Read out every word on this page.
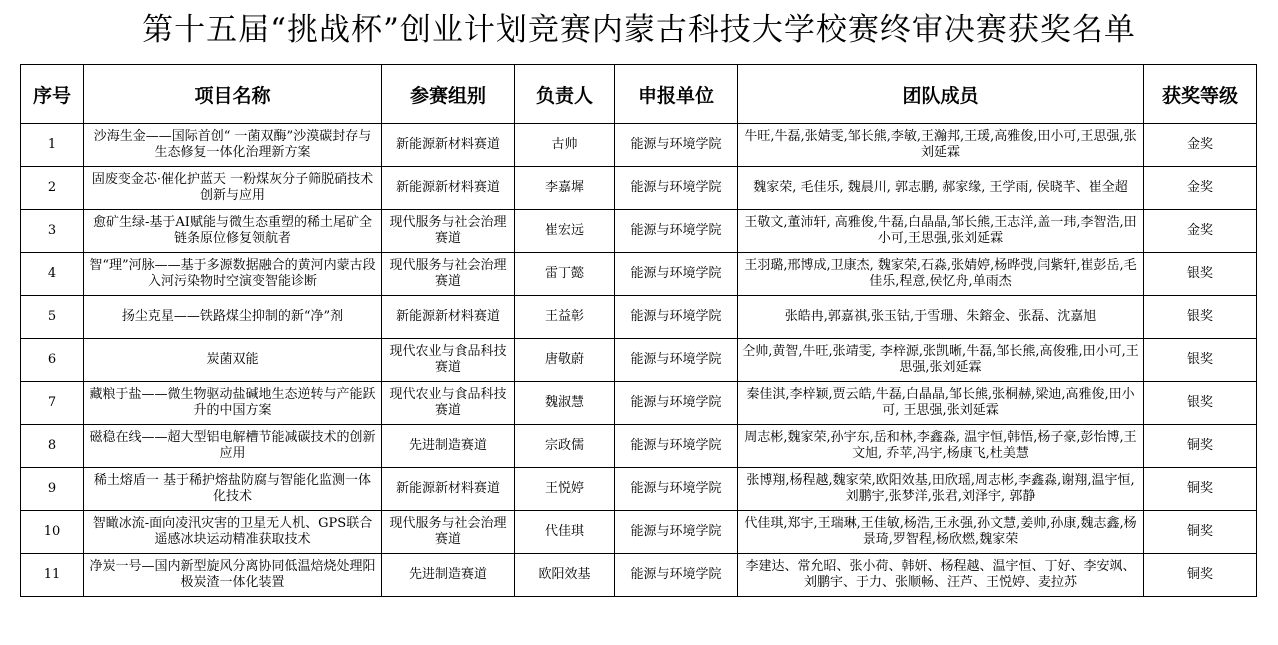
第十五届“挑战杯”创业计划竞赛内蒙古科技大学校赛终审决赛获奖名单
序号	项目名称	参赛组别	负责人	申报单位	团队成员	获奖等级
1	沙海生金——国际首创“ 一菌双酶”沙漠碳封存与生态修复一体化治理新方案	新能源新材料赛道	古帅	能源与环境学院	牛旺,牛磊,张婧雯,邹长熊,李敏,王瀚邦,王瑗,高雅俊,田小可,王思强,张刘延霖	金奖
2	固废变金芯·催化护蓝天 一粉煤灰分子筛脱硝技术创新与应用	新能源新材料赛道	李嘉墀	能源与环境学院	魏家荣, 毛佳乐, 魏晨川, 郭志鹏, 郝家缘, 王学雨, 侯晓芊、崔全超	金奖
3	愈矿生绿-基于AI赋能与微生态重塑的稀土尾矿全链条原位修复领航者	现代服务与社会治理赛道	崔宏远	能源与环境学院	王敬文,董沛轩, 高雅俊,牛磊,白晶晶,邹长熊,王志洋,盖一玮,李智浩,田小可,王思强,张刘延霖	金奖
4	智“理”河脉——基于多源数据融合的黄河内蒙古段入河污染物时空演变智能诊断	现代服务与社会治理赛道	雷丁懿	能源与环境学院	王羽璐,邢博成,卫康杰, 魏家荣,石淼,张婧婷,杨晔弢,闫紫轩,崔彭岳,毛佳乐,程意,侯忆舟,单雨杰	银奖
5	扬尘克星——铁路煤尘抑制的新“净”剂	新能源新材料赛道	王益彰	能源与环境学院	张皓冉,郭嘉祺,张玉钴,于雪珊、朱鎔金、张磊、沈嘉旭	银奖
6	炭菌双能	现代农业与食品科技赛道	唐敬蔚	能源与环境学院	仝帅,黄智,牛旺,张靖雯, 李梓源,张凯晰,牛磊,邹长熊,高俊雅,田小可,王思强,张刘延霖	银奖
7	藏粮于盐——微生物驱动盐碱地生态逆转与产能跃升的中国方案	现代农业与食品科技赛道	魏淑慧	能源与环境学院	秦佳淇,李梓颖,贾云皓,牛磊,白晶晶,邹长熊,张桐赫,梁迪,高雅俊,田小可, 王思强,张刘延霖	银奖
8	磁稳在线——超大型铝电解槽节能减碳技术的创新应用	先进制造赛道	宗政儒	能源与环境学院	周志彬,魏家荣,孙宇东,岳和林,李鑫淼, 温宇恒,韩悟,杨子豪,彭怡博,王文旭, 乔苹,冯宇,杨康飞,杜美慧	铜奖
9	稀土熔盾一 基于稀护熔盐防腐与智能化监测一体化技术	新能源新材料赛道	王悦婷	能源与环境学院	张博翔,杨程越,魏家荣,欧阳效基,田欣瑶,周志彬,李鑫淼,谢翔,温宇恒,刘鹏宇,张梦洋,张君,刘泽宇, 郭静	铜奖
10	智瞰冰流-面向凌汛灾害的卫星无人机、GPS联合遥感冰块运动精准获取技术	现代服务与社会治理赛道	代佳琪	能源与环境学院	代佳琪,郑宇,王瑞琳,王佳敏,杨浩,王永强,孙文慧,姜帅,孙康,魏志鑫,杨景琦,罗智程,杨欣燃,魏家荣	铜奖
11	净炭一号—国内新型旋风分离协同低温焙烧处理阳极炭渣一体化装置	先进制造赛道	欧阳效基	能源与环境学院	李建达、常允昭、张小荷、韩妍、杨程越、温宇恒、丁好、李安飒、刘鹏宇、于力、张顺畅、汪芦、王悦婷、麦拉苏	铜奖
